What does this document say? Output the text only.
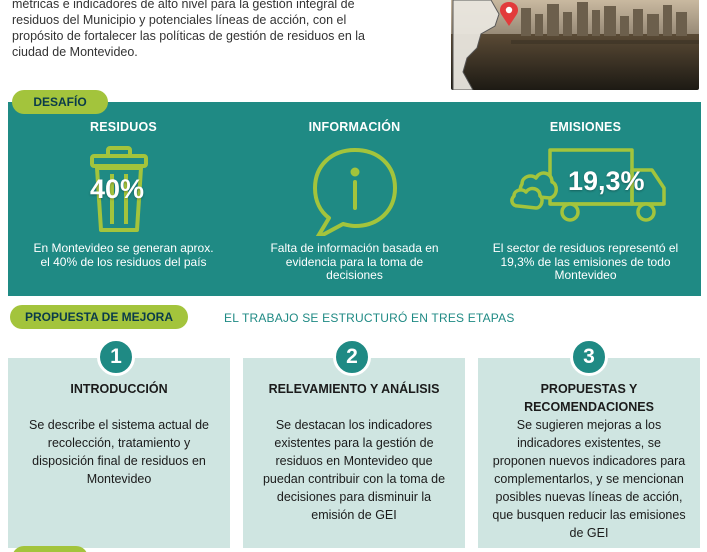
métricas e indicadores de alto nivel para la gestión integral de
residuos del Municipio y potenciales líneas de acción, con el
propósito de fortalecer las políticas de gestión de residuos en la
ciudad de Montevideo.
RESIDUOS
40%
En Montevideo se generan aprox. el 40% de los residuos del país
INFORMACIÓN
Falta de información basada en evidencia para la toma de decisiones
EMISIONES
19,3%
El sector de residuos representó el 19,3% de las emisiones de todo Montevideo
DESAFÍO
PROPUESTA DE MEJORA	EL TRABAJO SE ESTRUCTURÓ EN TRES ETAPAS
INTRODUCCIÓN
Se describe el sistema actual de recolección, tratamiento y disposición final de residuos en Montevideo
1
RELEVAMIENTO Y ANÁLISIS
Se destacan los indicadores existentes para la gestión de residuos en Montevideo que puedan contribuir con la toma de decisiones para disminuir la emisión de GEI
2
PROPUESTAS Y RECOMENDACIONES
Se sugieren mejoras a los indicadores existentes, se proponen nuevos indicadores para complementarlos, y se mencionan posibles nuevas líneas de acción, que busquen reducir las emisiones de GEI
3
